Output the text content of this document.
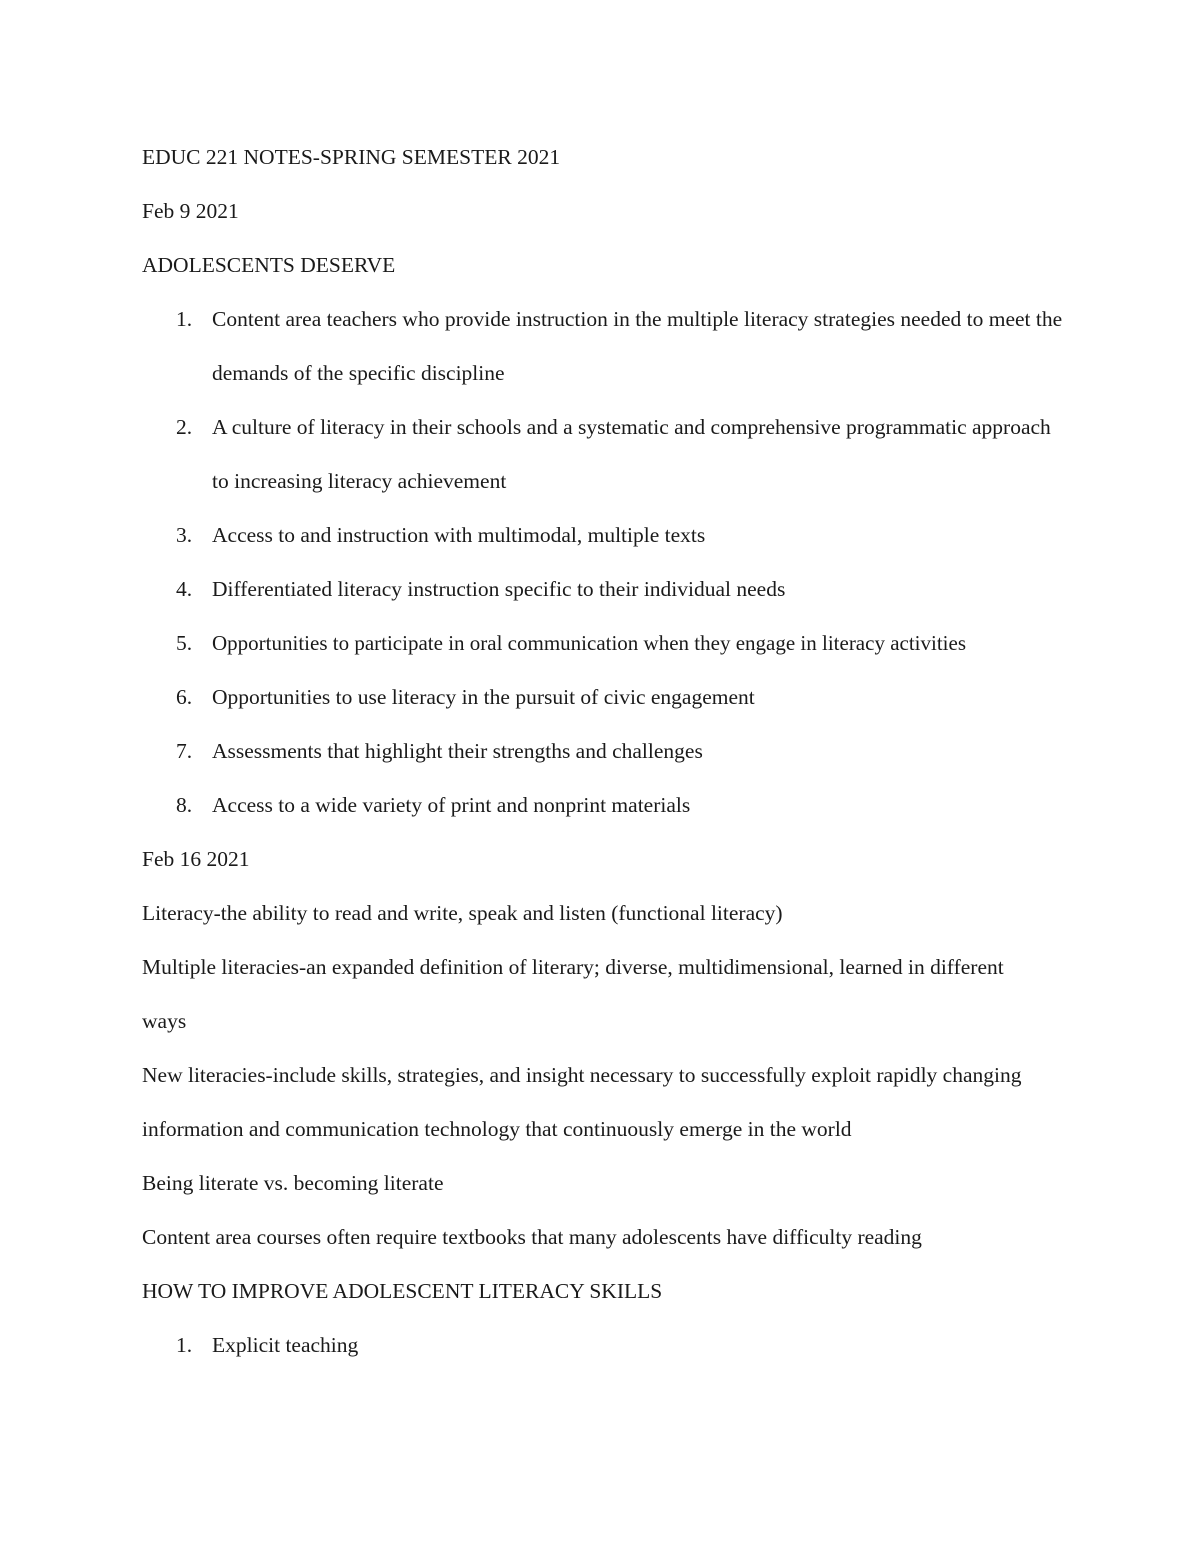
EDUC 221 NOTES-SPRING SEMESTER 2021

Feb 9 2021

ADOLESCENTS DESERVE

1. Content area teachers who provide instruction in the multiple literacy strategies needed to meet the demands of the specific discipline
2. A culture of literacy in their schools and a systematic and comprehensive programmatic approach to increasing literacy achievement
3. Access to and instruction with multimodal, multiple texts
4. Differentiated literacy instruction specific to their individual needs
5. Opportunities to participate in oral communication when they engage in literacy activities
6. Opportunities to use literacy in the pursuit of civic engagement
7. Assessments that highlight their strengths and challenges
8. Access to a wide variety of print and nonprint materials

Feb 16 2021

Literacy-the ability to read and write, speak and listen (functional literacy)

Multiple literacies-an expanded definition of literary; diverse, multidimensional, learned in different ways

New literacies-include skills, strategies, and insight necessary to successfully exploit rapidly changing information and communication technology that continuously emerge in the world

Being literate vs. becoming literate

Content area courses often require textbooks that many adolescents have difficulty reading

HOW TO IMPROVE ADOLESCENT LITERACY SKILLS

1. Explicit teaching
